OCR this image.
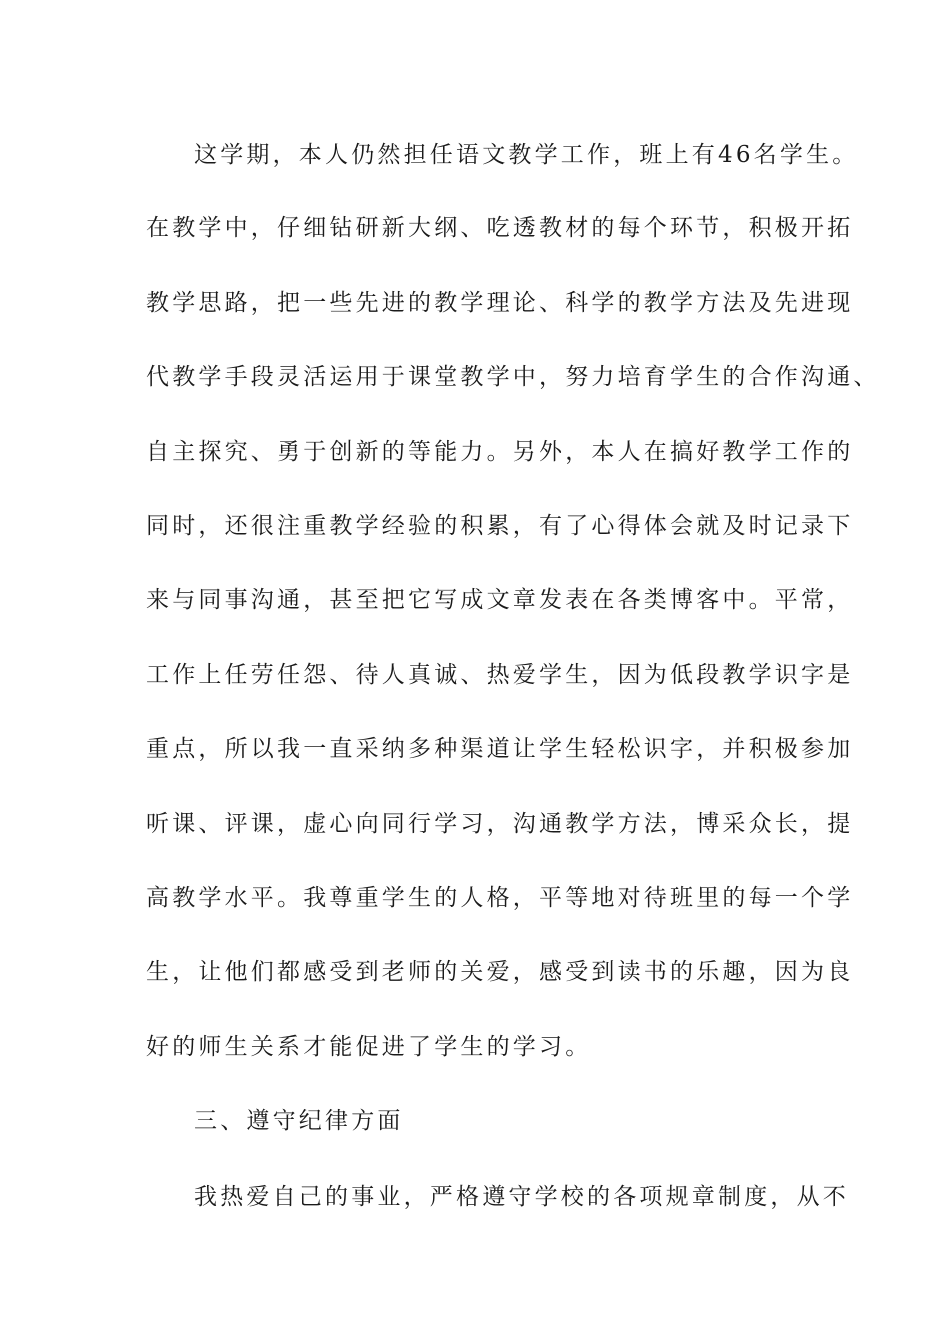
这学期，本人仍然担任语文教学工作，班上有46名学生。
在教学中，仔细钻研新大纲、吃透教材的每个环节，积极开拓
教学思路，把一些先进的教学理论、科学的教学方法及先进现
代教学手段灵活运用于课堂教学中，努力培育学生的合作沟通、
自主探究、勇于创新的等能力。另外，本人在搞好教学工作的
同时，还很注重教学经验的积累，有了心得体会就及时记录下
来与同事沟通，甚至把它写成文章发表在各类博客中。平常，
工作上任劳任怨、待人真诚、热爱学生，因为低段教学识字是
重点，所以我一直采纳多种渠道让学生轻松识字，并积极参加
听课、评课，虚心向同行学习，沟通教学方法，博采众长，提
高教学水平。我尊重学生的人格，平等地对待班里的每一个学
生，让他们都感受到老师的关爱，感受到读书的乐趣，因为良
好的师生关系才能促进了学生的学习。
三、遵守纪律方面
我热爱自己的事业，严格遵守学校的各项规章制度，从不
